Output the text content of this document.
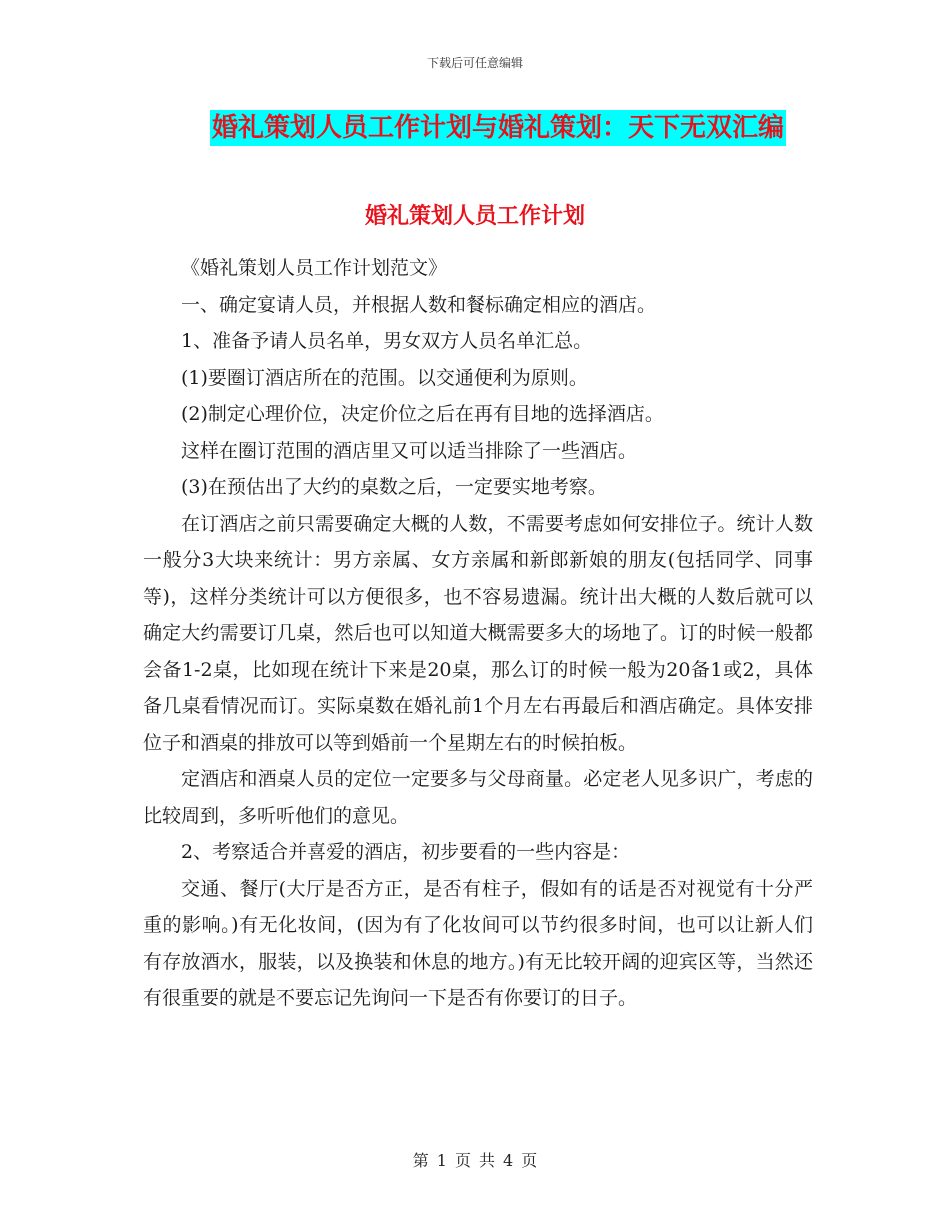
下载后可任意编辑
婚礼策划人员工作计划与婚礼策划：天下无双汇编
婚礼策划人员工作计划

《婚礼策划人员工作计划范文》

一、确定宴请人员，并根据人数和餐标确定相应的酒店。

1、准备予请人员名单，男女双方人员名单汇总。

(1)要圈订酒店所在的范围。以交通便利为原则。

(2)制定心理价位，决定价位之后在再有目地的选择酒店。

这样在圈订范围的酒店里又可以适当排除了一些酒店。

(3)在预估出了大约的桌数之后，一定要实地考察。

在订酒店之前只需要确定大概的人数，不需要考虑如何安排位子。统计人数一般分3大块来统计：男方亲属、女方亲属和新郎新娘的朋友(包括同学、同事等)，这样分类统计可以方便很多，也不容易遗漏。统计出大概的人数后就可以确定大约需要订几桌，然后也可以知道大概需要多大的场地了。订的时候一般都会备1-2桌，比如现在统计下来是20桌，那么订的时候一般为20备1或2，具体备几桌看情况而订。实际桌数在婚礼前1个月左右再最后和酒店确定。具体安排位子和酒桌的排放可以等到婚前一个星期左右的时候拍板。

定酒店和酒桌人员的定位一定要多与父母商量。必定老人见多识广，考虑的比较周到，多听听他们的意见。

2、考察适合并喜爱的酒店，初步要看的一些内容是：

交通、餐厅(大厅是否方正，是否有柱子，假如有的话是否对视觉有十分严重的影响。)有无化妆间，(因为有了化妆间可以节约很多时间，也可以让新人们有存放酒水，服装，以及换装和休息的地方。)有无比较开阔的迎宾区等，当然还有很重要的就是不要忘记先询问一下是否有你要订的日子。

第 1 页 共 4 页
